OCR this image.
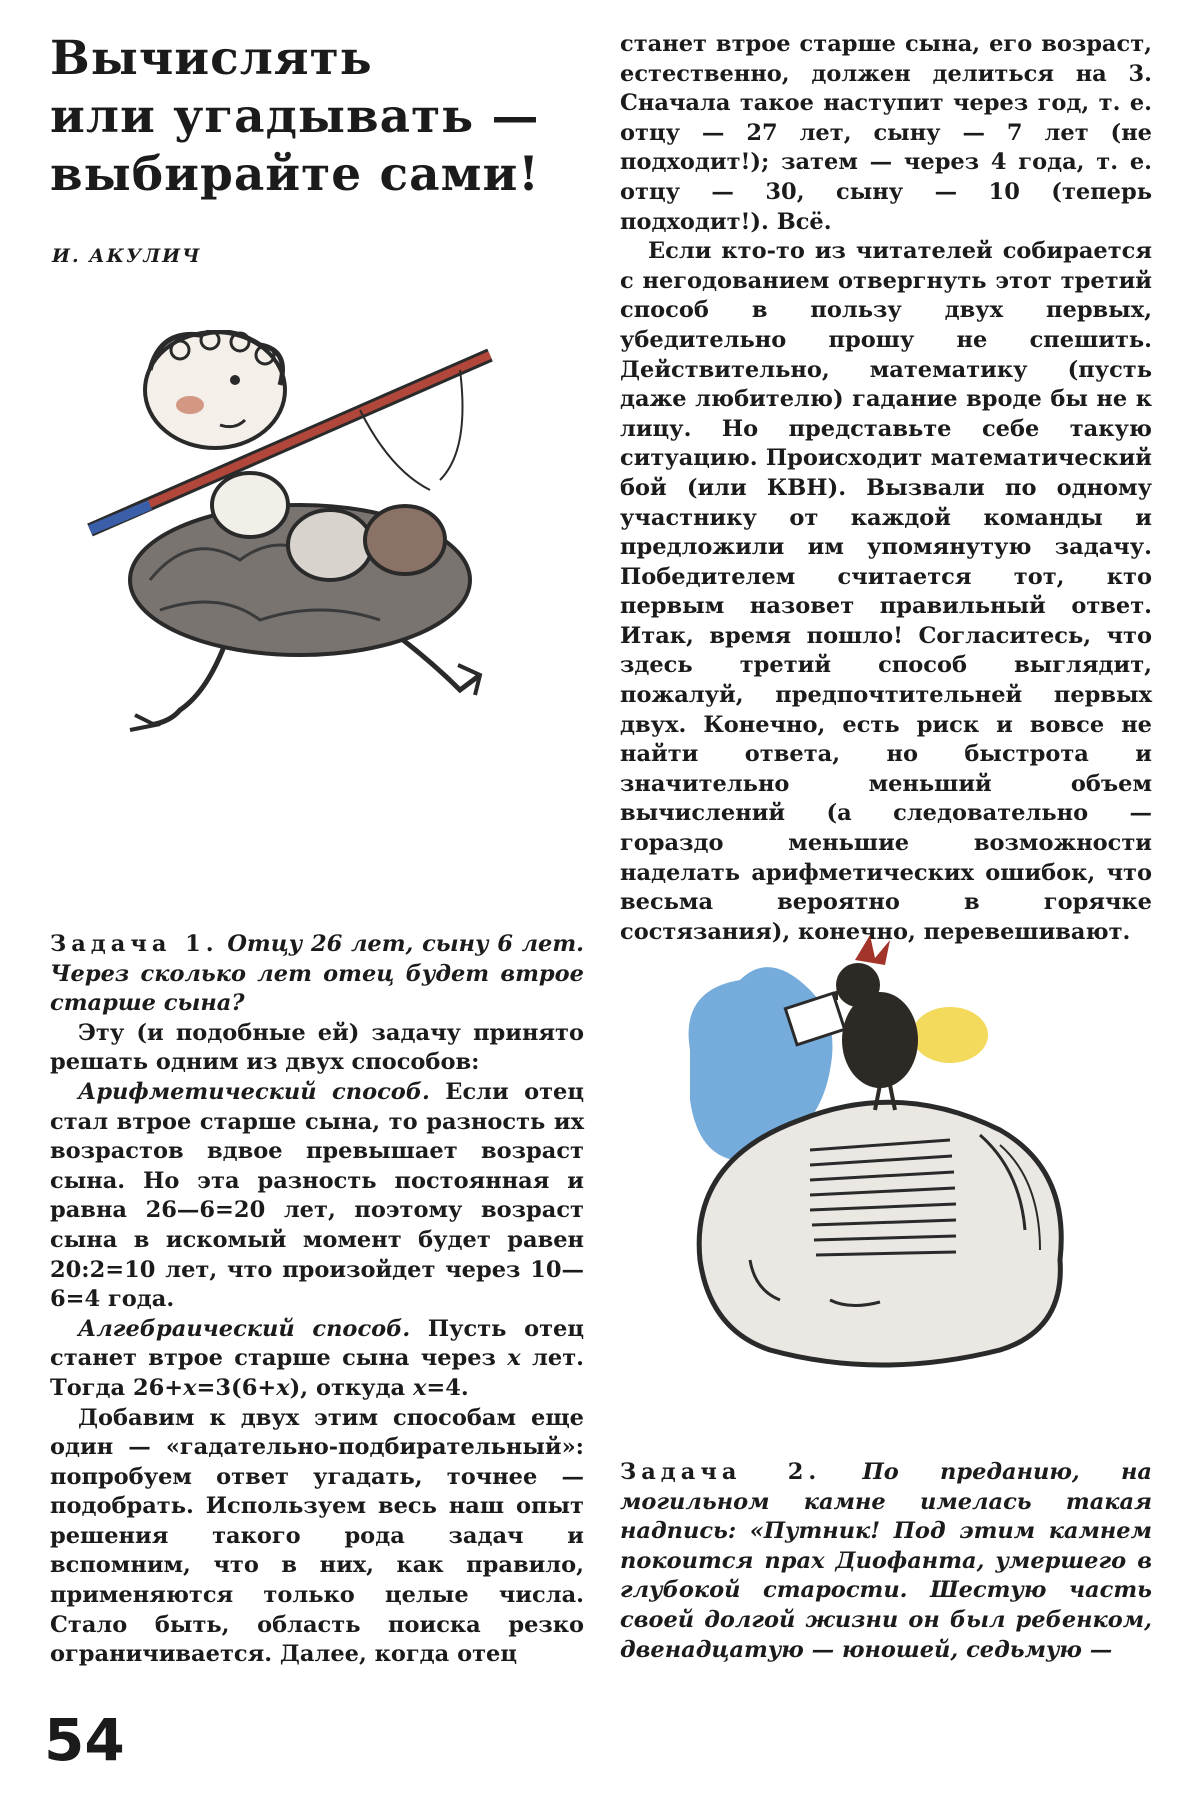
Вычислять
или угадывать —
выбирайте сами!
И. АКУЛИЧ

Задача 1. Отцу 26 лет, сыну 6 лет. Через сколько лет отец будет втрое старше сына?

Эту (и подобные ей) задачу принято решать одним из двух способов:

Арифметический способ. Если отец стал втрое старше сына, то разность их возрастов вдвое превышает возраст сына. Но эта разность постоянная и равна 26—6=20 лет, поэтому возраст сына в искомый момент будет равен 20:2=10 лет, что произойдет через 10—6=4 года.

Алгебраический способ. Пусть отец станет втрое старше сына через x лет. Тогда 26+x=3(6+x), откуда x=4.

Добавим к двух этим способам еще один — «гадательно-подбирательный»: попробуем ответ угадать, точнее — подобрать. Используем весь наш опыт решения такого рода задач и вспомним, что в них, как правило, применяются только целые числа. Стало быть, область поиска резко ограничивается. Далее, когда отец

станет втрое старше сына, его возраст, естественно, должен делиться на 3. Сначала такое наступит через год, т. е. отцу — 27 лет, сыну — 7 лет (не подходит!); затем — через 4 года, т. е. отцу — 30, сыну — 10 (теперь подходит!). Всё.

Если кто-то из читателей собирается с негодованием отвергнуть этот третий способ в пользу двух первых, убедительно прошу не спешить. Действительно, математику (пусть даже любителю) гадание вроде бы не к лицу. Но представьте себе такую ситуацию. Происходит математический бой (или КВН). Вызвали по одному участнику от каждой команды и предложили им упомянутую задачу. Победителем считается тот, кто первым назовет правильный ответ. Итак, время пошло! Согласитесь, что здесь третий способ выглядит, пожалуй, предпочтительней первых двух. Конечно, есть риск и вовсе не найти ответа, но быстрота и значительно меньший объем вычислений (а следовательно — гораздо меньшие возможности наделать арифметических ошибок, что весьма вероятно в горячке состязания), конечно, перевешивают.

Задача 2. По преданию, на могильном камне имелась такая надпись: «Путник! Под этим камнем покоится прах Диофанта, умершего в глубокой старости. Шестую часть своей долгой жизни он был ребенком, двенадцатую — юношей, седьмую —

54
